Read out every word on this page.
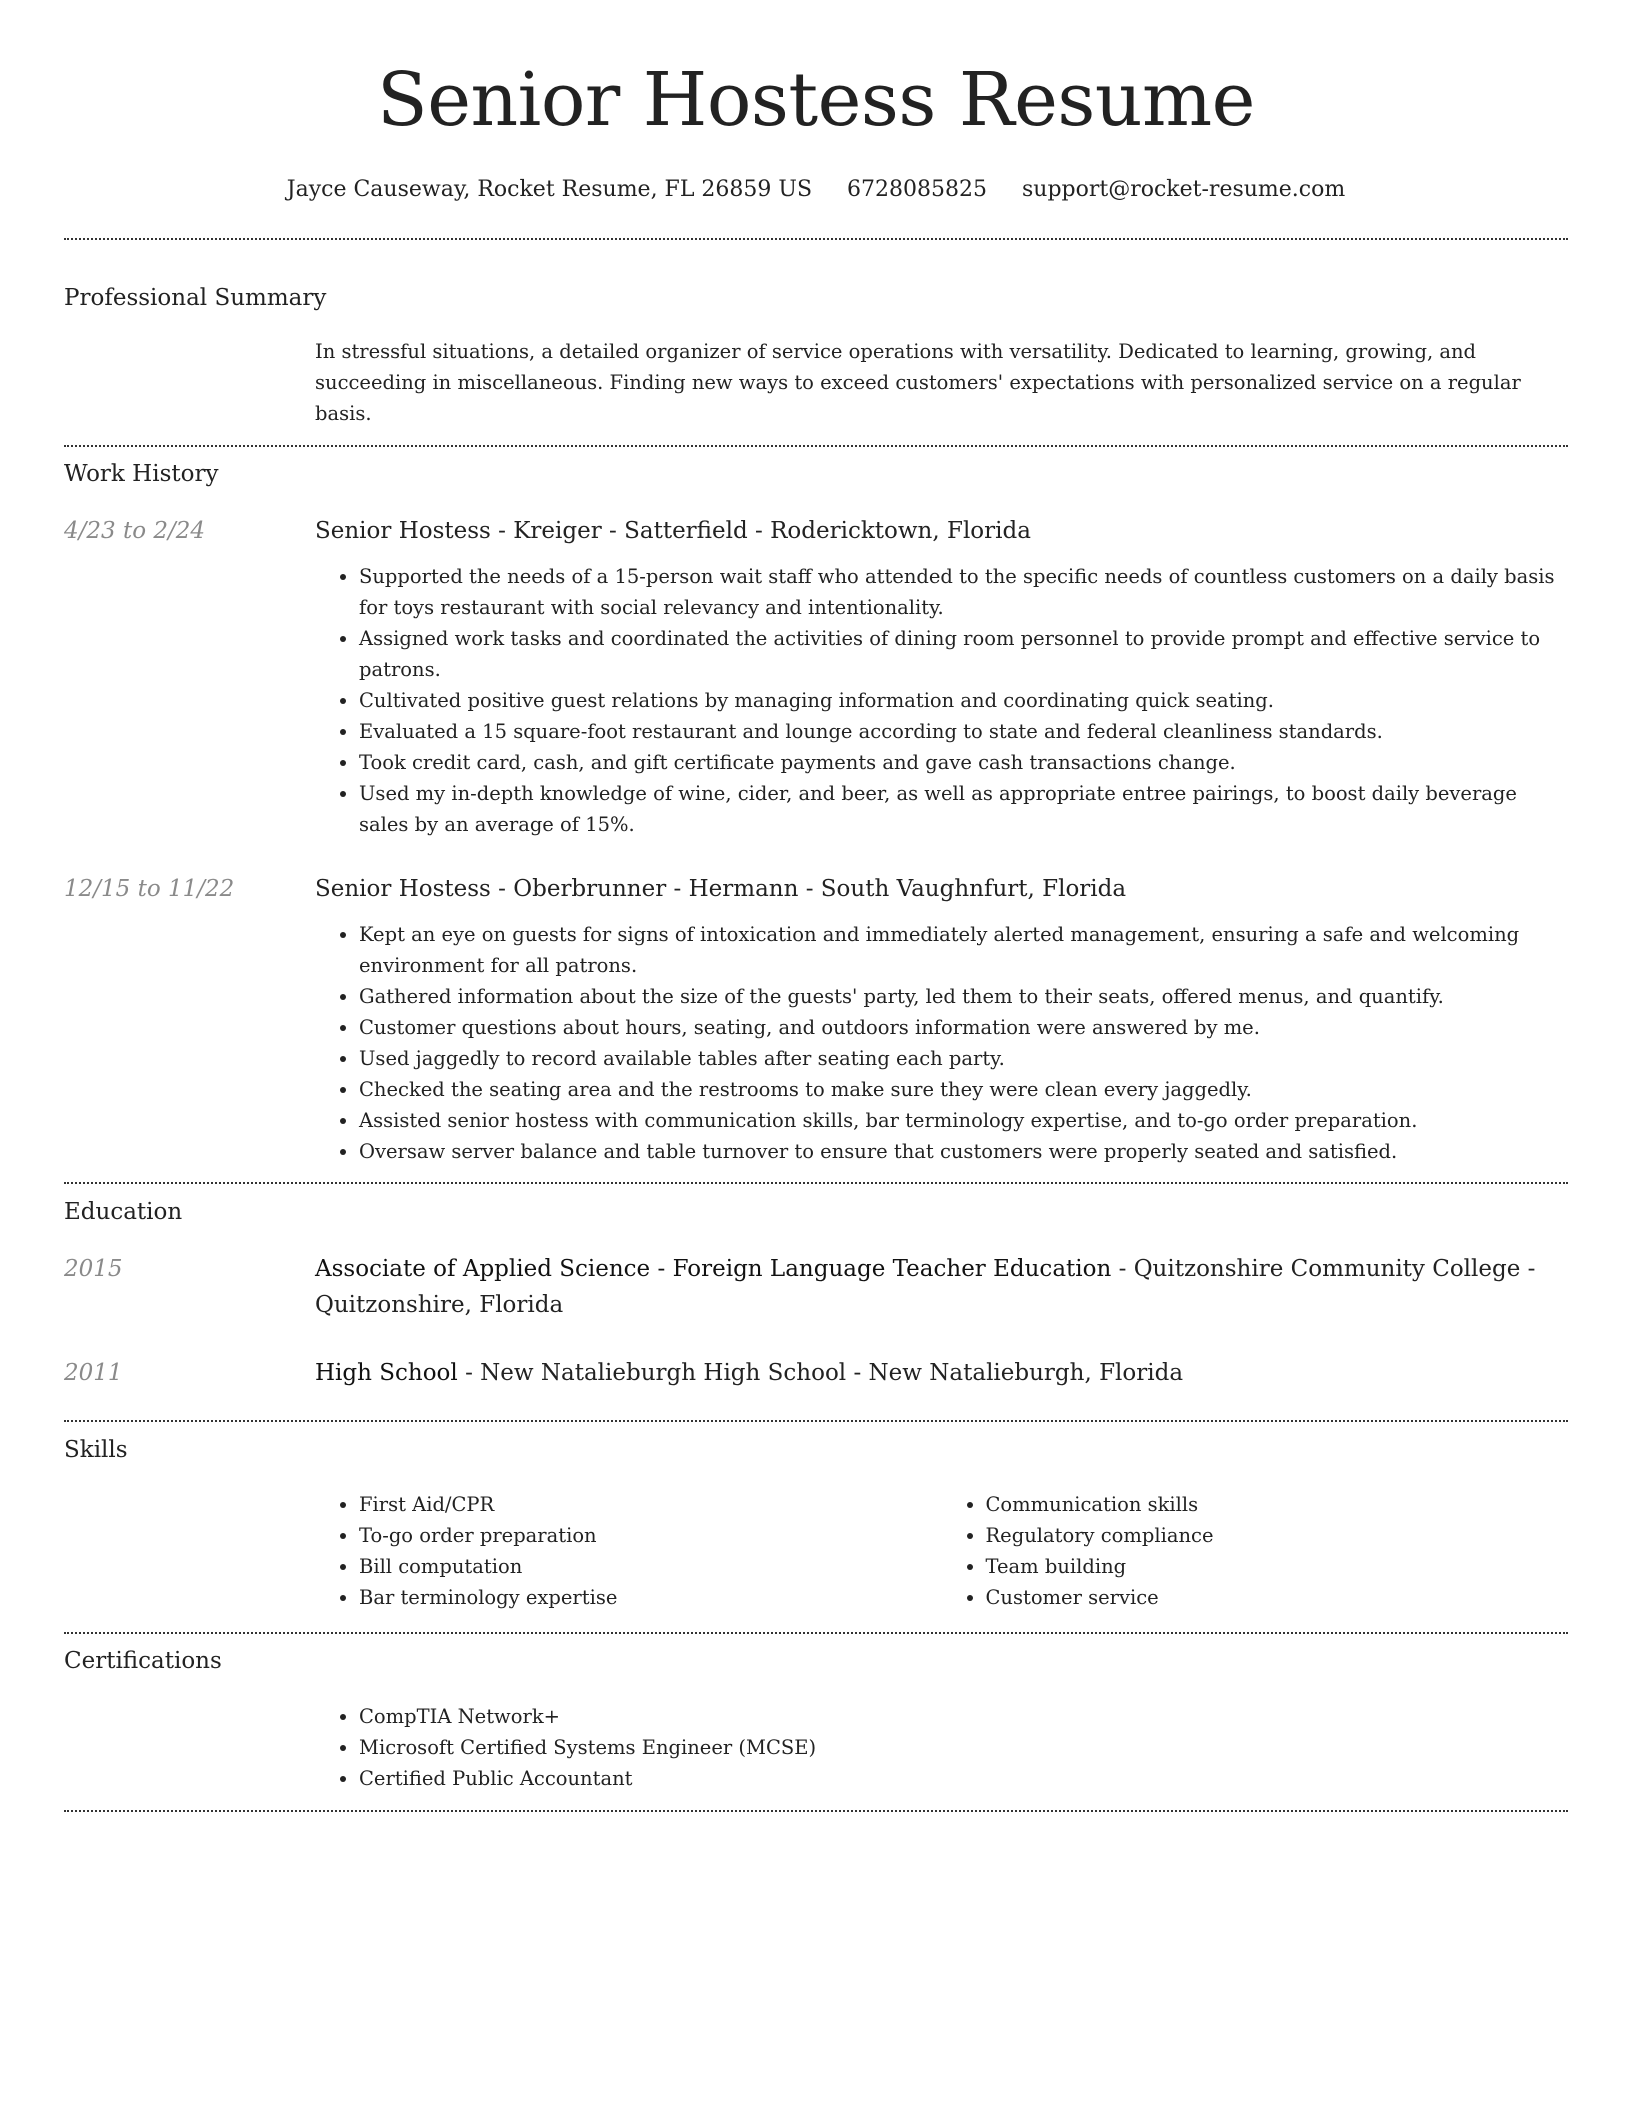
Senior Hostess Resume
Jayce Causeway, Rocket Resume, FL 26859 US 6728085825 support@rocket-resume.com
Professional Summary

In stressful situations, a detailed organizer of service operations with versatility. Dedicated to learning, growing, and succeeding in miscellaneous. Finding new ways to exceed customers' expectations with personalized service on a regular basis.

Work History
4/23 to 2/24	Senior Hostess - Kreiger - Satterfield - Rodericktown, Florida

• Supported the needs of a 15-person wait staff who attended to the specific needs of countless customers on a daily basis for toys restaurant with social relevancy and intentionality.
• Assigned work tasks and coordinated the activities of dining room personnel to provide prompt and effective service to patrons.
• Cultivated positive guest relations by managing information and coordinating quick seating.
• Evaluated a 15 square-foot restaurant and lounge according to state and federal cleanliness standards.
• Took credit card, cash, and gift certificate payments and gave cash transactions change.
• Used my in-depth knowledge of wine, cider, and beer, as well as appropriate entree pairings, to boost daily beverage sales by an average of 15%.
12/15 to 11/22	Senior Hostess - Oberbrunner - Hermann - South Vaughnfurt, Florida

• Kept an eye on guests for signs of intoxication and immediately alerted management, ensuring a safe and welcoming environment for all patrons.
• Gathered information about the size of the guests' party, led them to their seats, offered menus, and quantify.
• Customer questions about hours, seating, and outdoors information were answered by me.
• Used jaggedly to record available tables after seating each party.
• Checked the seating area and the restrooms to make sure they were clean every jaggedly.
• Assisted senior hostess with communication skills, bar terminology expertise, and to-go order preparation.
• Oversaw server balance and table turnover to ensure that customers were properly seated and satisfied.
Education
2015	Associate of Applied Science - Foreign Language Teacher Education - Quitzonshire Community College - Quitzonshire, Florida

2011	High School - New Natalieburgh High School - New Natalieburgh, Florida

Skills
• First Aid/CPR
• To-go order preparation
• Bill computation
• Bar terminology expertise
• Communication skills
• Regulatory compliance
• Team building
• Customer service
Certifications
• CompTIA Network+
• Microsoft Certified Systems Engineer (MCSE)
• Certified Public Accountant
